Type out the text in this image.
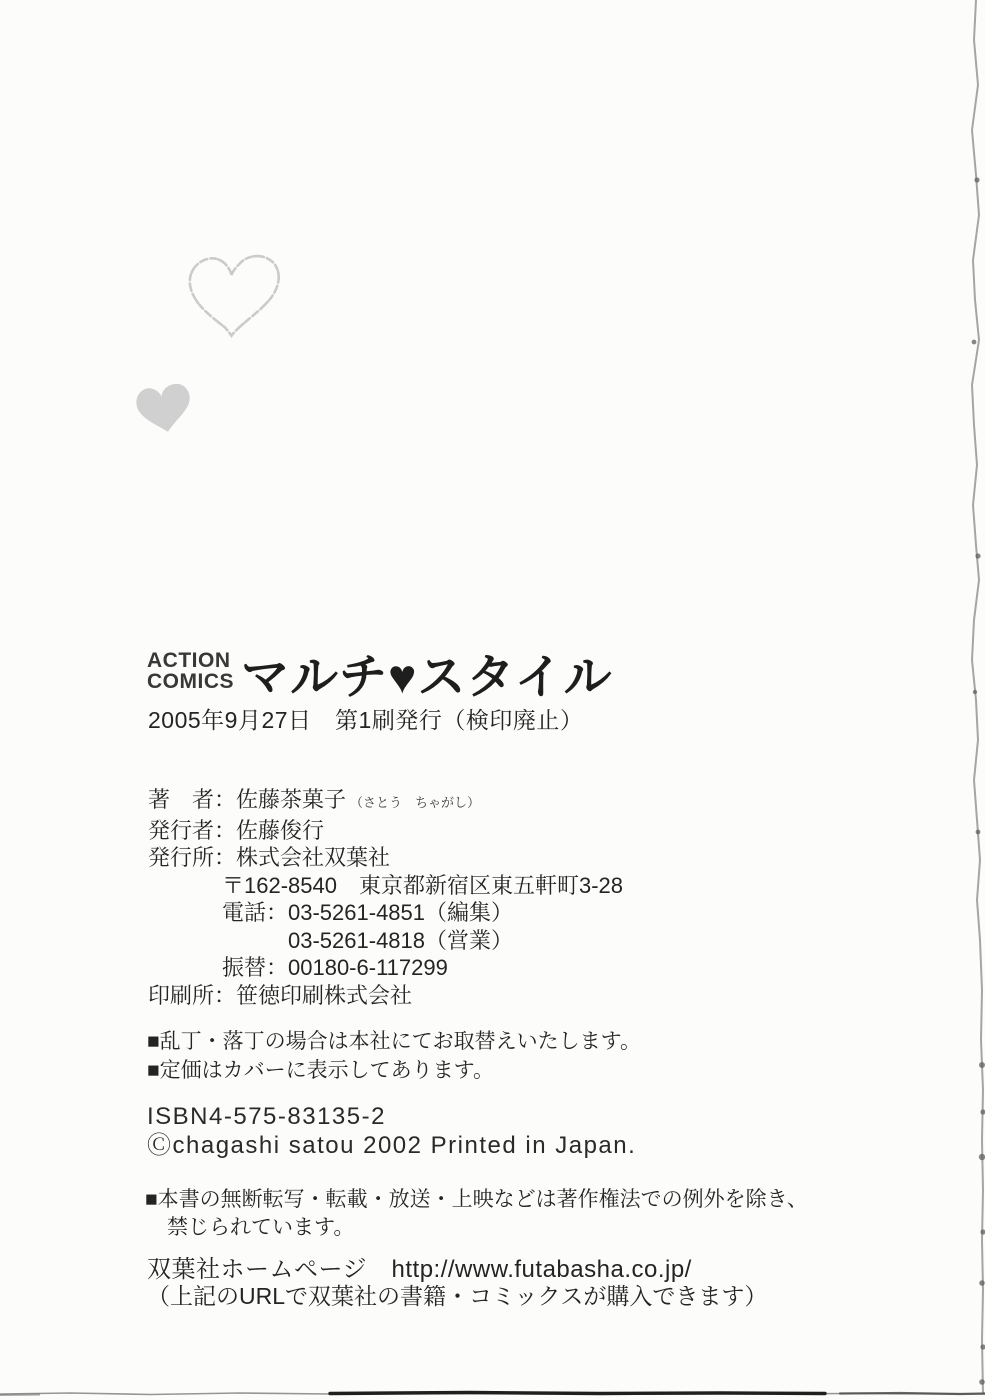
ACTION
COMICS マルチ♥スタイル
2005年9月27日　第1刷発行（検印廃止）
著　者：佐藤茶菓子 （さとう　ちゃがし）
発行者：佐藤俊行
発行所：株式会社双葉社
〒162-8540　東京都新宿区東五軒町3-28
電話：03-5261-4851（編集）
03-5261-4818（営業）
振替：00180-6-117299
印刷所：笹徳印刷株式会社
■乱丁・落丁の場合は本社にてお取替えいたします。
■定価はカバーに表示してあります。
ISBN4-575-83135-2
Ⓒchagashi satou 2002 Printed in Japan.
■本書の無断転写・転載・放送・上映などは著作権法での例外を除き、
禁じられています。
双葉社ホームページ　http://www.futabasha.co.jp/
（上記のURLで双葉社の書籍・コミックスが購入できます）
